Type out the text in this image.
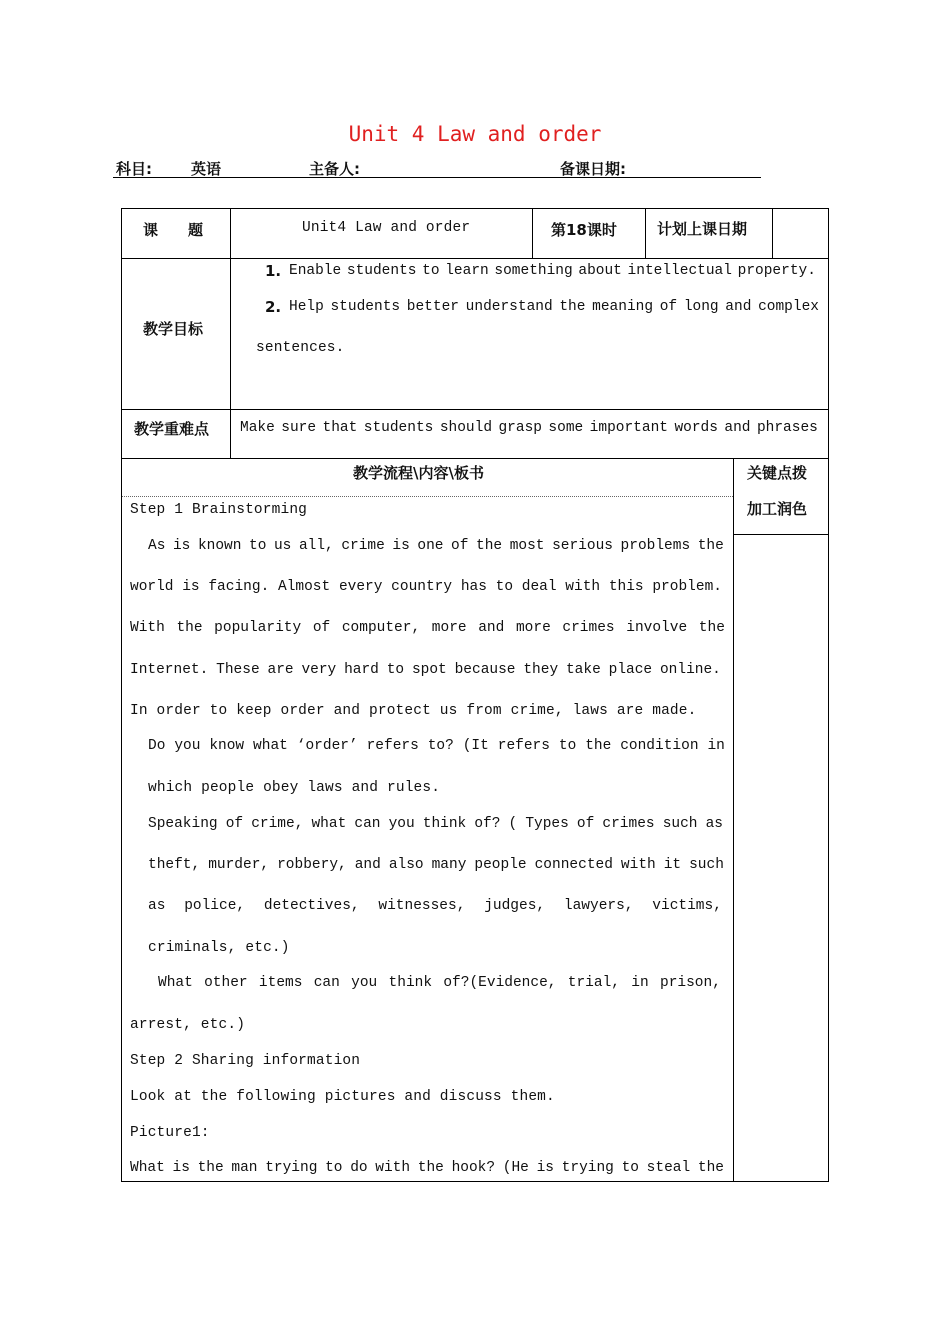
Unit 4 Law and order
科目:	英语	主备人:	备课日期:
课　　题	Unit4 Law and order	第18课时	计划上课日期
教学目标
1. Enable students to learn something about intellectual property.
2. Help students better understand the meaning of long and complex
sentences.
教学重难点 Make sure that students should grasp some important words and phrases
教学流程\内容\板书	关键点拨
加工润色
Step 1 Brainstorming
As is known to us all, crime is one of the most serious problems the
world is facing. Almost every country has to deal with this problem.
With the popularity of computer, more and more crimes involve the
Internet. These are very hard to spot because they take place online.
In order to keep order and protect us from crime, laws are made.
Do you know what ‘order’ refers to? (It refers to the condition in
which people obey laws and rules.
Speaking of crime, what can you think of? ( Types of crimes such as
theft, murder, robbery, and also many people connected with it such
as police, detectives, witnesses, judges, lawyers, victims,
criminals, etc.)
What other items can you think of?(Evidence, trial, in prison,
arrest, etc.)
Step 2 Sharing information
Look at the following pictures and discuss them.
Picture1:
What is the man trying to do with the hook? (He is trying to steal the
